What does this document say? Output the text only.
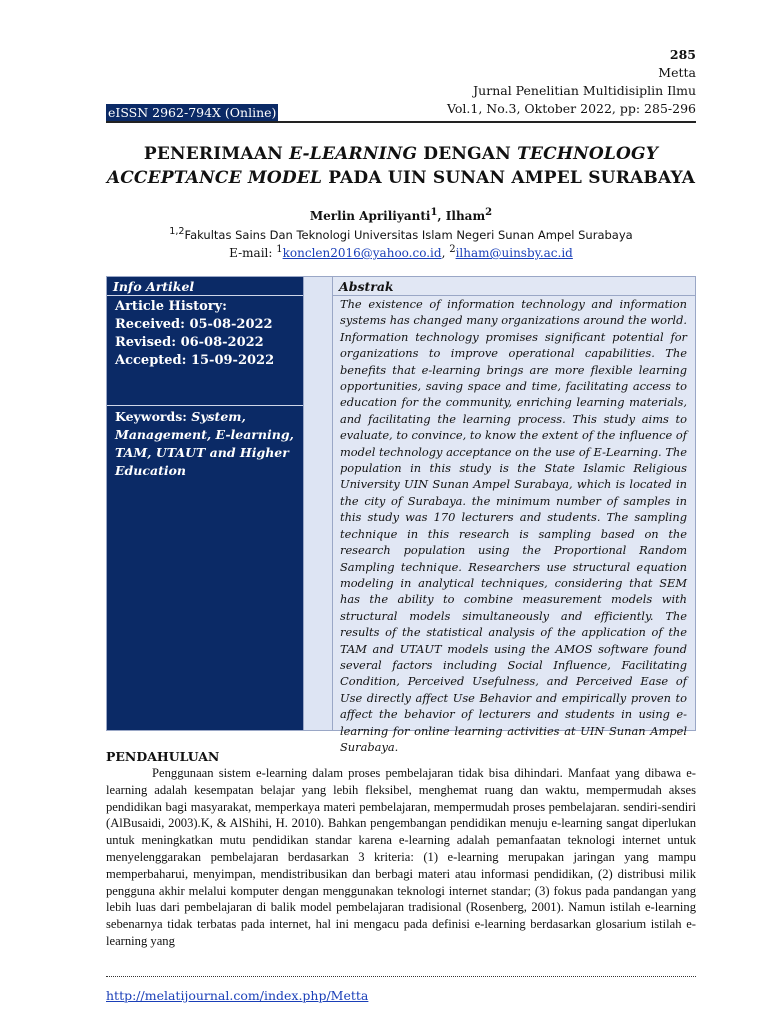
285
Metta
Jurnal Penelitian Multidisiplin Ilmu
Vol.1, No.3, Oktober 2022, pp: 285-296
eISSN 2962-794X (Online)
PENERIMAAN E-LEARNING DENGAN TECHNOLOGY ACCEPTANCE MODEL PADA UIN SUNAN AMPEL SURABAYA
Merlin Apriliyanti$^1$, Ilham$^2$
$^{1,2}$Fakultas Sains Dan Teknologi Universitas Islam Negeri Sunan Ampel Surabaya
E-mail: $^1$konclen2016@yahoo.co.id, $^2$ilham@uinsby.ac.id
Info Artikel
Article History:
Received: 05-08-2022
Revised: 06-08-2022
Accepted: 15-09-2022
Keywords: System, Management, E-learning, TAM, UTAUT and Higher Education
Abstrak
The existence of information technology and information systems has changed many organizations around the world. Information technology promises significant potential for organizations to improve operational capabilities. The benefits that e-learning brings are more flexible learning opportunities, saving space and time, facilitating access to education for the community, enriching learning materials, and facilitating the learning process. This study aims to evaluate, to convince, to know the extent of the influence of model technology acceptance on the use of E-Learning. The population in this study is the State Islamic Religious University UIN Sunan Ampel Surabaya, which is located in the city of Surabaya. the minimum number of samples in this study was 170 lecturers and students. The sampling technique in this research is sampling based on the research population using the Proportional Random Sampling technique. Researchers use structural equation modeling in analytical techniques, considering that SEM has the ability to combine measurement models with structural models simultaneously and efficiently. The results of the statistical analysis of the application of the TAM and UTAUT models using the AMOS software found several factors including Social Influence, Facilitating Condition, Perceived Usefulness, and Perceived Ease of Use directly affect Use Behavior and empirically proven to affect the behavior of lecturers and students in using e-learning for online learning activities at UIN Sunan Ampel Surabaya.
PENDAHULUAN
Penggunaan sistem e-learning dalam proses pembelajaran tidak bisa dihindari. Manfaat yang dibawa e-learning adalah kesempatan belajar yang lebih fleksibel, menghemat ruang dan waktu, mempermudah akses pendidikan bagi masyarakat, memperkaya materi pembelajaran, mempermudah proses pembelajaran. sendiri-sendiri (AlBusaidi, 2003).K, & AlShihi, H. 2010). Bahkan pengembangan pendidikan menuju e-learning sangat diperlukan untuk meningkatkan mutu pendidikan standar karena e-learning adalah pemanfaatan teknologi internet untuk menyelenggarakan pembelajaran berdasarkan 3 kriteria: (1) e-learning merupakan jaringan yang mampu memperbaharui, menyimpan, mendistribusikan dan berbagi materi atau informasi pendidikan, (2) distribusi milik pengguna akhir melalui komputer dengan menggunakan teknologi internet standar; (3) fokus pada pandangan yang lebih luas dari pembelajaran di balik model pembelajaran tradisional (Rosenberg, 2001). Namun istilah e-learning sebenarnya tidak terbatas pada internet, hal ini mengacu pada definisi e-learning berdasarkan glosarium istilah e-learning yang
http://melatijournal.com/index.php/Metta
